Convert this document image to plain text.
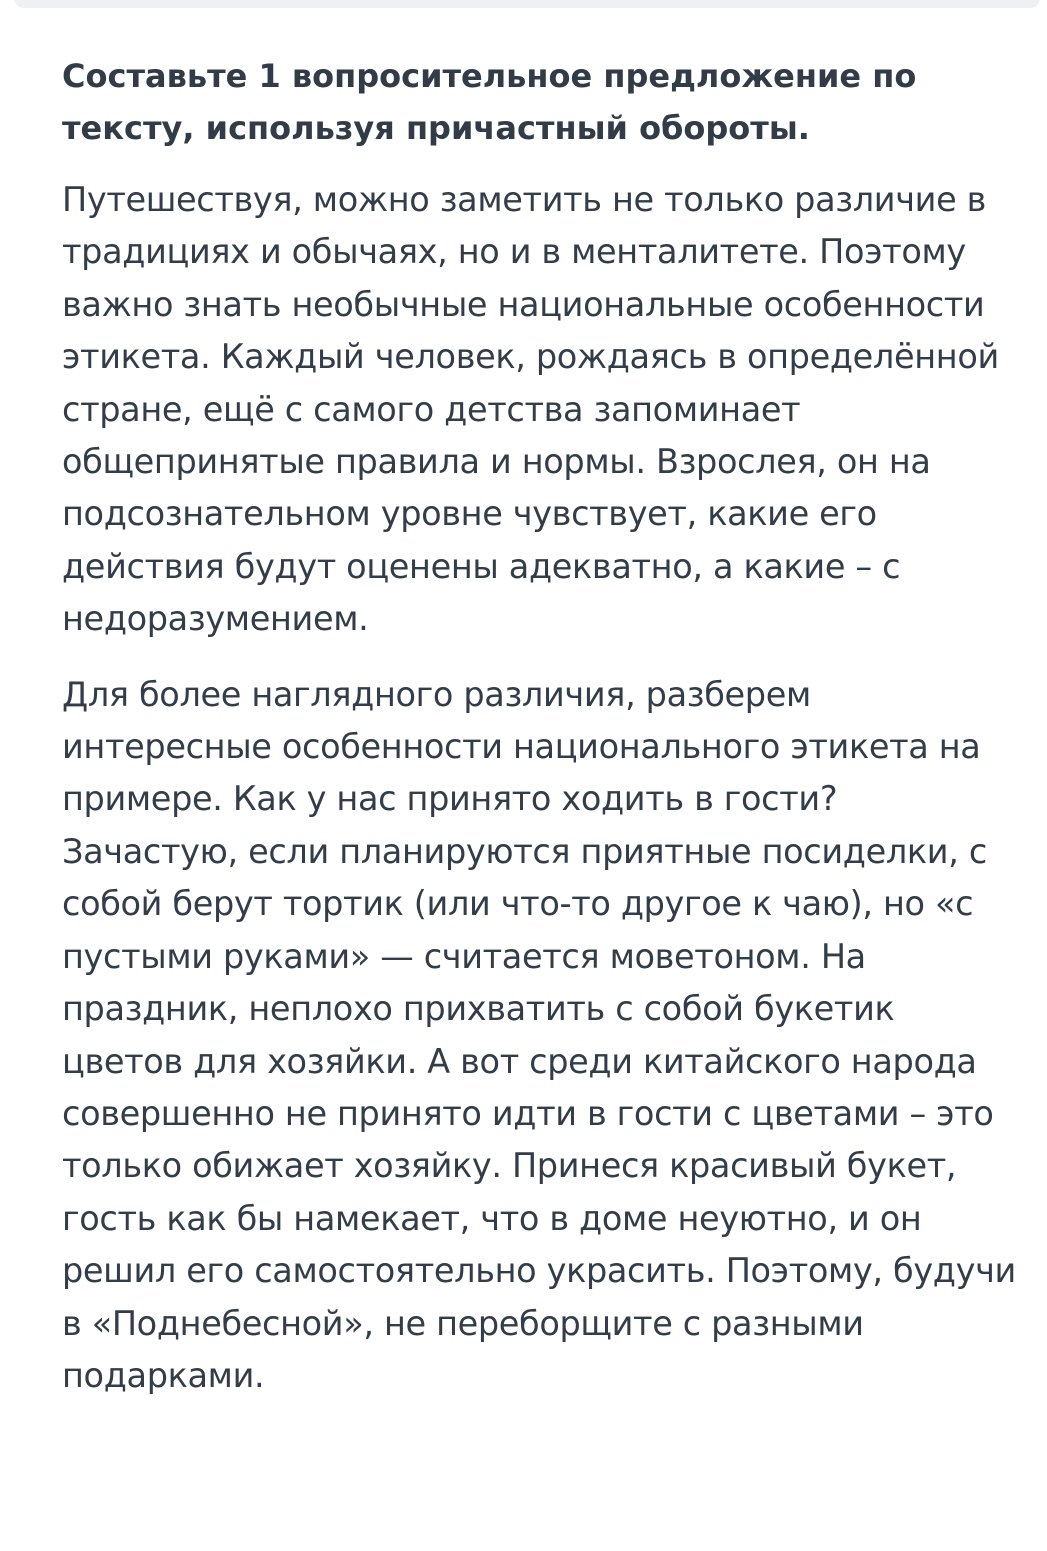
Составьте 1 вопросительное предложение по тексту, используя причастный обороты.

Путешествуя, можно заметить не только различие в традициях и обычаях, но и в менталитете. Поэтому важно знать необычные национальные особенности этикета. Каждый человек, рождаясь в определённой стране, ещё с самого детства запоминает общепринятые правила и нормы. Взрослея, он на подсознательном уровне чувствует, какие его действия будут оценены адекватно, а какие – с недоразумением.

Для более наглядного различия, разберем интересные особенности национального этикета на примере. Как у нас принято ходить в гости? Зачастую, если планируются приятные посиделки, с собой берут тортик (или что-то другое к чаю), но «с пустыми руками» — считается моветоном. На праздник, неплохо прихватить с собой букетик цветов для хозяйки. А вот среди китайского народа совершенно не принято идти в гости с цветами – это только обижает хозяйку. Принеся красивый букет, гость как бы намекает, что в доме неуютно, и он решил его самостоятельно украсить. Поэтому, будучи в «Поднебесной», не переборщите с разными подарками.
